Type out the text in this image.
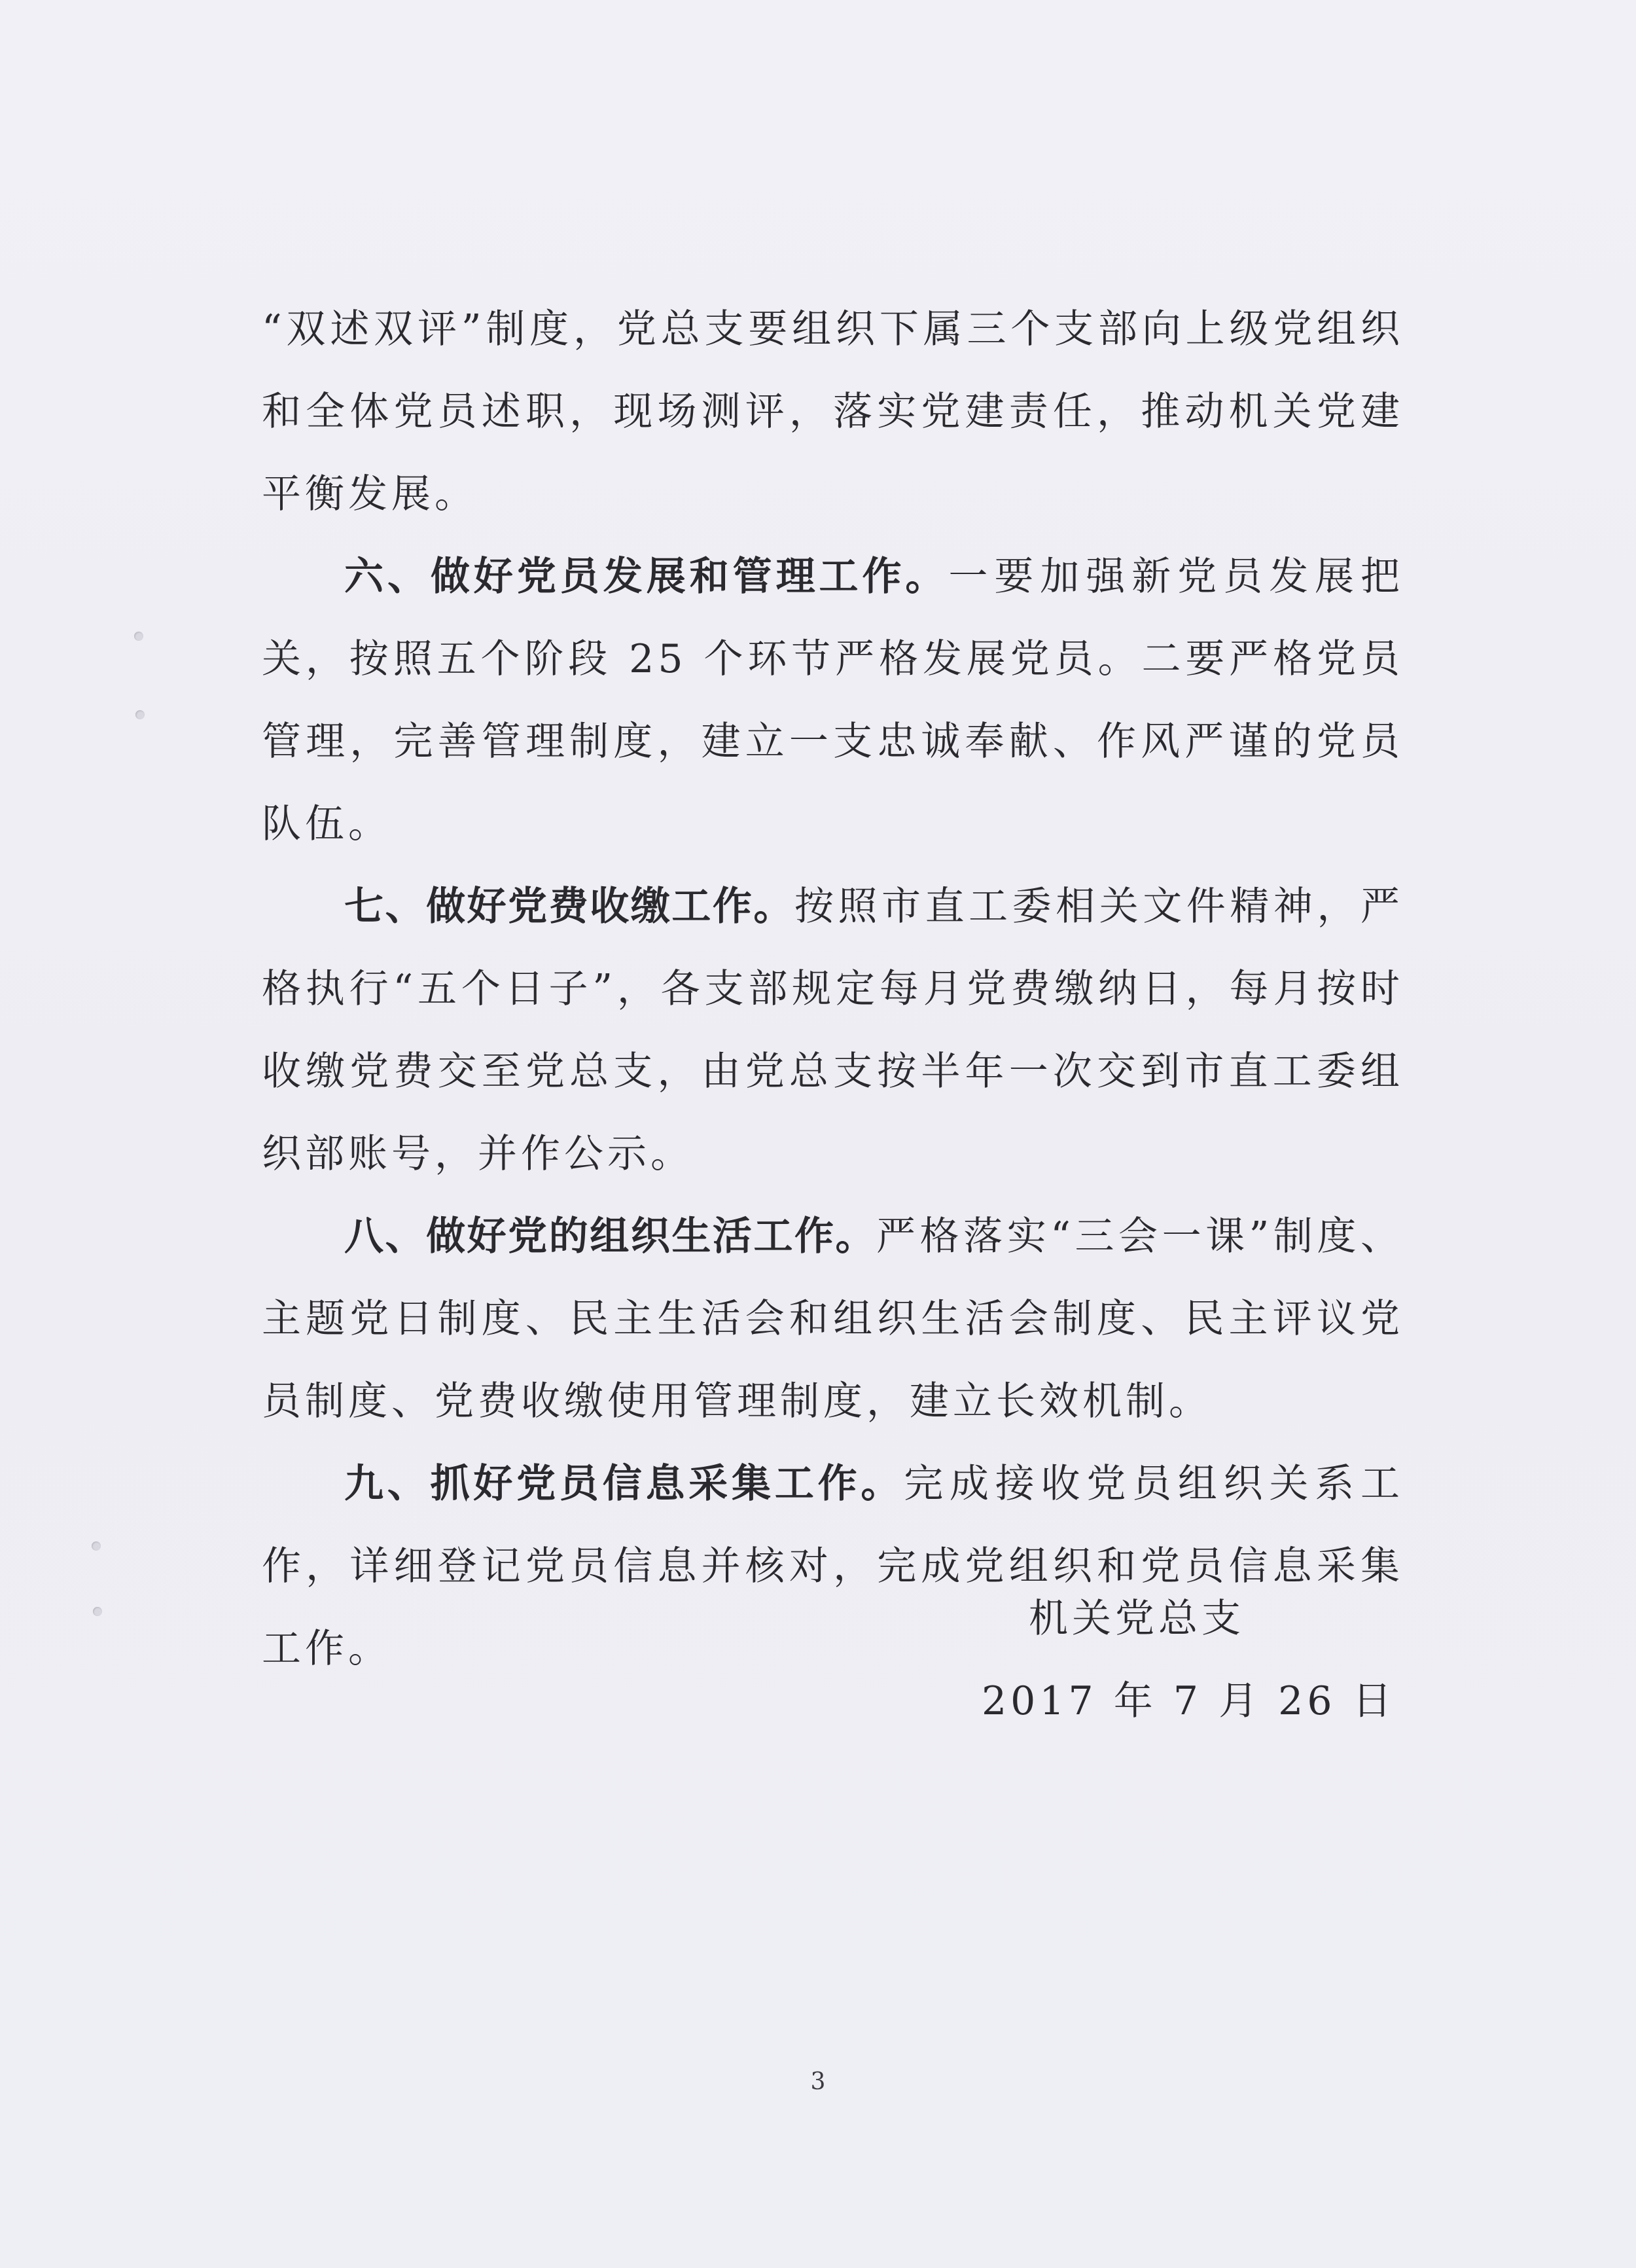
“双述双评”制度，党总支要组织下属三个支部向上级党组织和全体党员述职，现场测评，落实党建责任，推动机关党建平衡发展。

六、做好党员发展和管理工作。一要加强新党员发展把关，按照五个阶段 25 个环节严格发展党员。二要严格党员管理，完善管理制度，建立一支忠诚奉献、作风严谨的党员队伍。

七、做好党费收缴工作。按照市直工委相关文件精神，严格执行“五个日子”，各支部规定每月党费缴纳日，每月按时收缴党费交至党总支，由党总支按半年一次交到市直工委组织部账号，并作公示。

八、做好党的组织生活工作。严格落实“三会一课”制度、主题党日制度、民主生活会和组织生活会制度、民主评议党员制度、党费收缴使用管理制度，建立长效机制。

九、抓好党员信息采集工作。完成接收党员组织关系工作，详细登记党员信息并核对，完成党组织和党员信息采集工作。

机关党总支
2017 年 7 月 26 日
3
